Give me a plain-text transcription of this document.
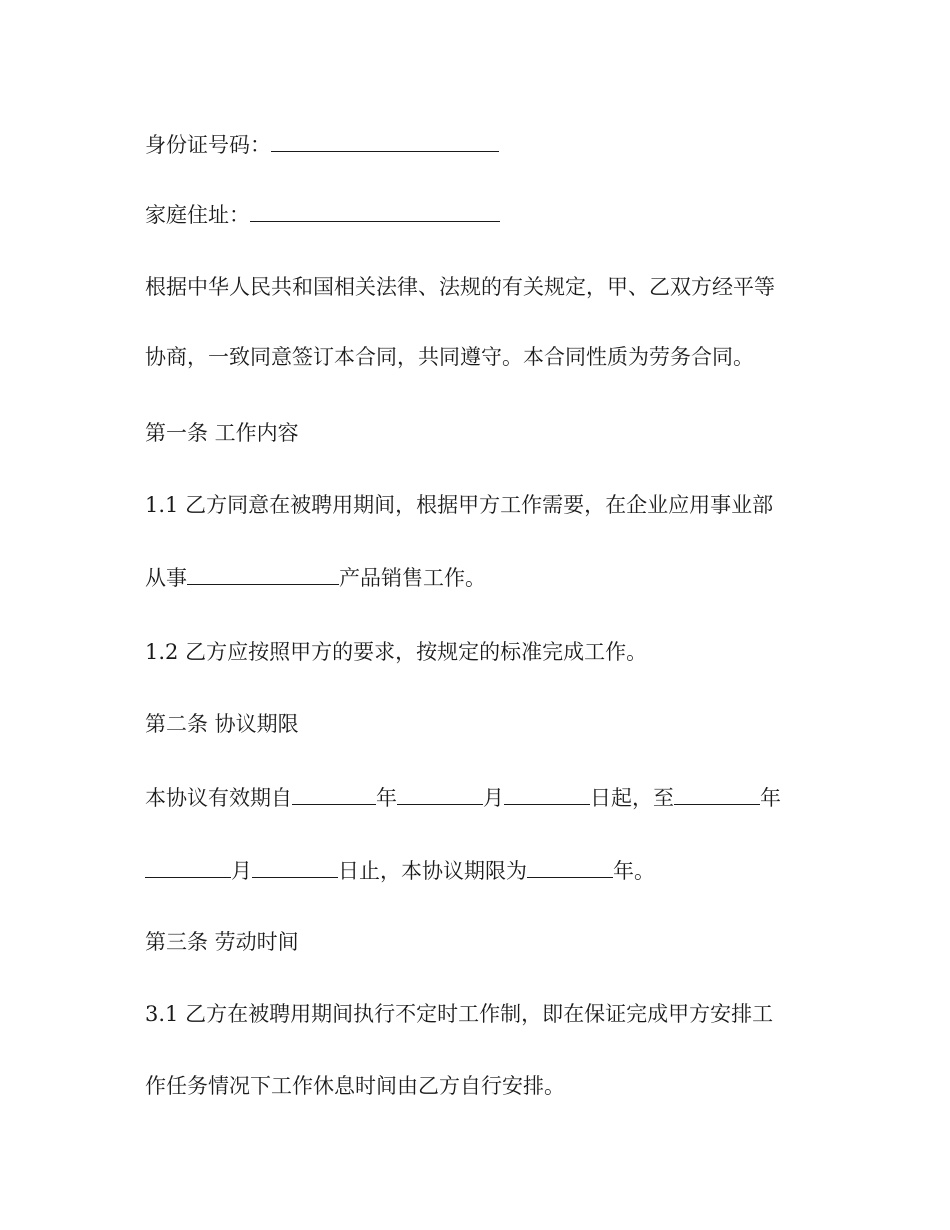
身份证号码：
家庭住址：
根据中华人民共和国相关法律、法规的有关规定，甲、乙双方经平等
协商，一致同意签订本合同，共同遵守。本合同性质为劳务合同。
第一条 工作内容
1.1 乙方同意在被聘用期间，根据甲方工作需要，在企业应用事业部
从事	产品销售工作。
1.2 乙方应按照甲方的要求，按规定的标准完成工作。
第二条 协议期限
本协议有效期自	年	月	日起，至	年
月	日止，本协议期限为	年。
第三条 劳动时间
3.1 乙方在被聘用期间执行不定时工作制，即在保证完成甲方安排工
作任务情况下工作休息时间由乙方自行安排。
